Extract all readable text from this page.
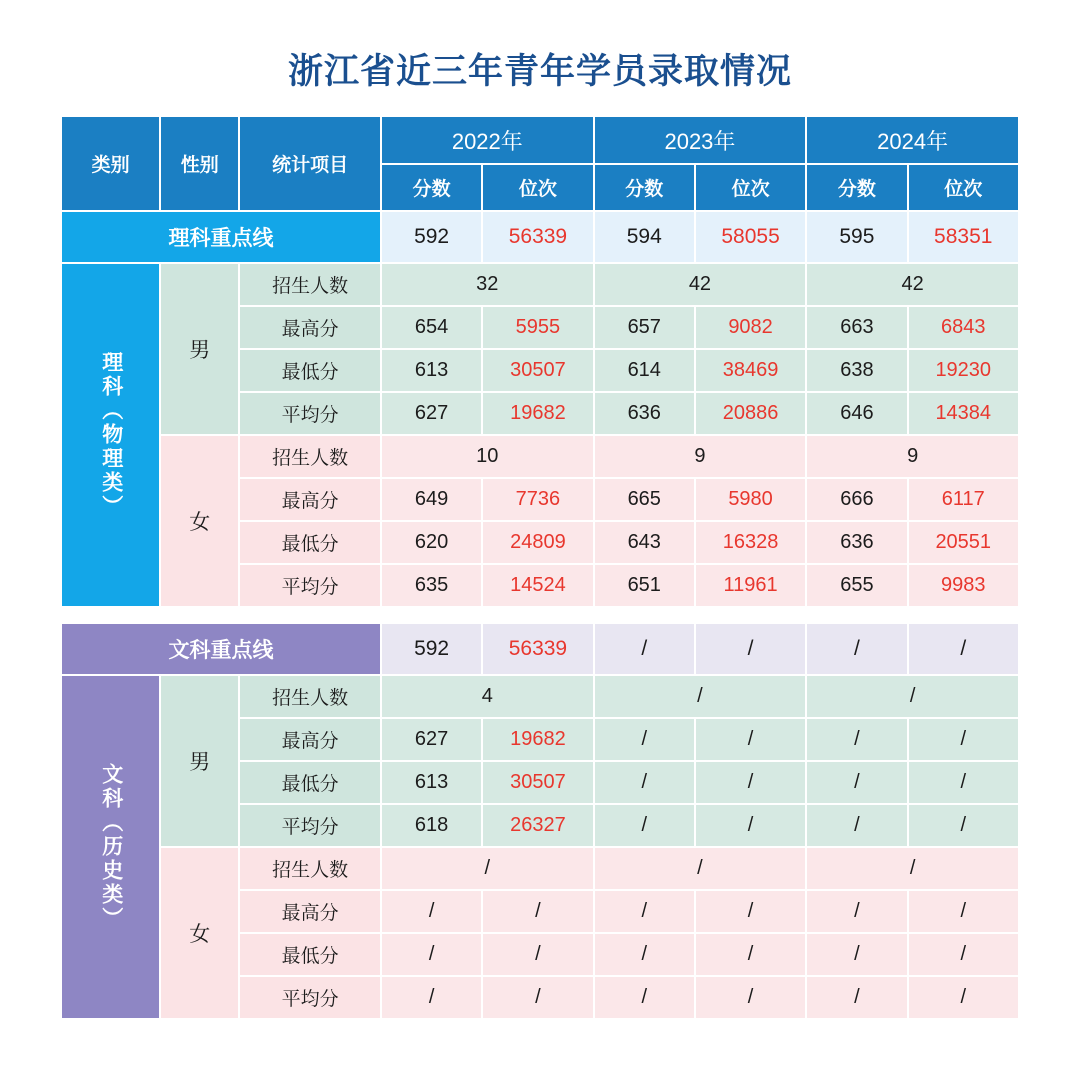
浙江省近三年青年学员录取情况
类别	性别	统计项目	2022年		2023年		2024年	
			分数	位次	分数	位次	分数	位次
理科重点线			592	56339	594	58055	595	58351
理科（物理类）	男	招生人数	32		42		42	
		最高分	654	5955	657	9082	663	6843
		最低分	613	30507	614	38469	638	19230
		平均分	627	19682	636	20886	646	14384
	女	招生人数	10		9		9	
		最高分	649	7736	665	5980	666	6117
		最低分	620	24809	643	16328	636	20551
		平均分	635	14524	651	11961	655	9983

文科重点线			592	56339	/	/	/	/
文科（历史类）	男	招生人数	4		/		/	
		最高分	627	19682	/	/	/	/
		最低分	613	30507	/	/	/	/
		平均分	618	26327	/	/	/	/
	女	招生人数	/		/		/	
		最高分	/	/	/	/	/	/
		最低分	/	/	/	/	/	/
		平均分	/	/	/	/	/	/
